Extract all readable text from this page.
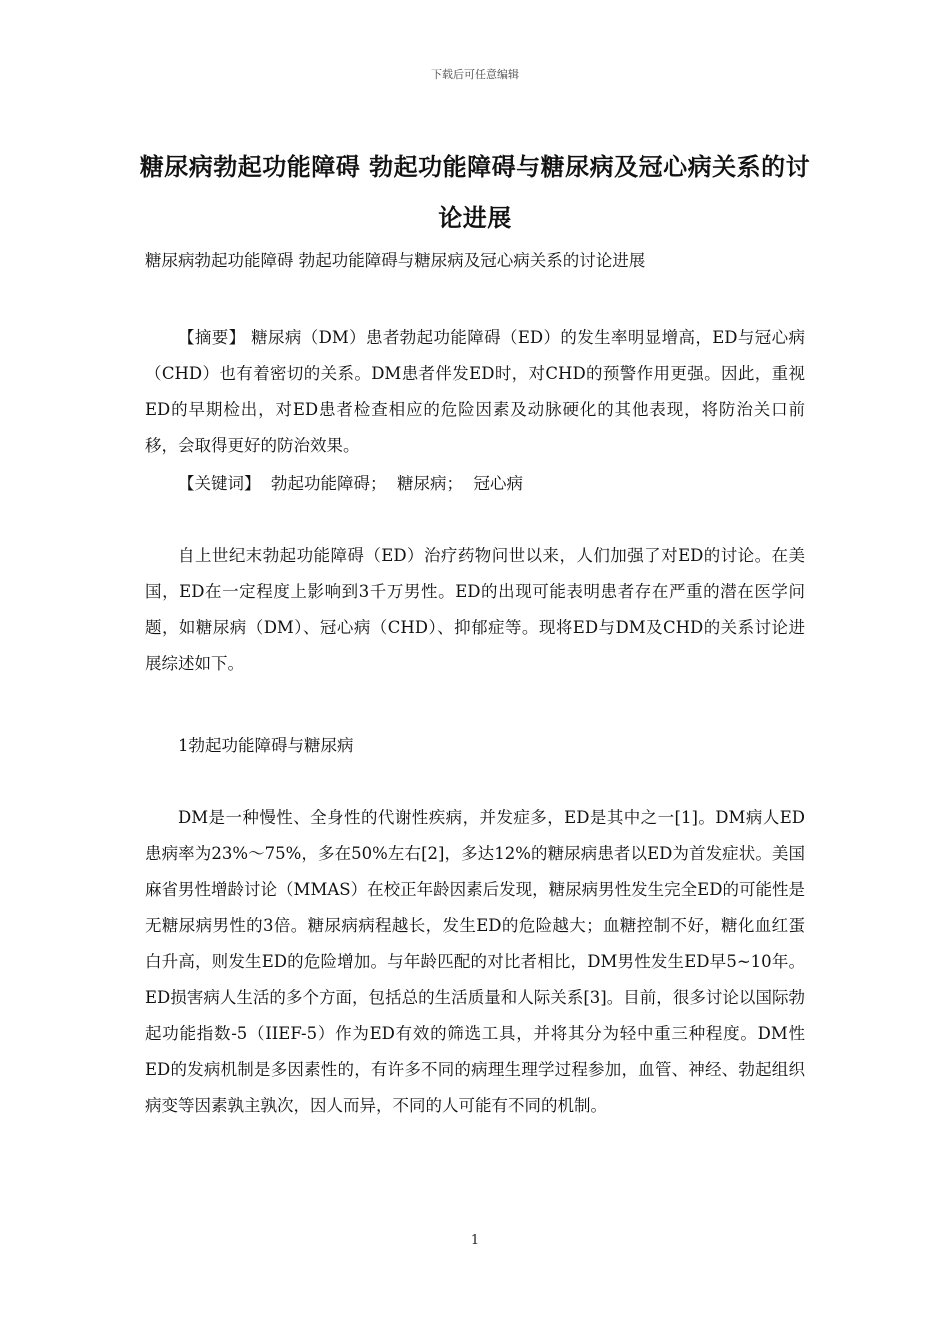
下载后可任意编辑
糖尿病勃起功能障碍 勃起功能障碍与糖尿病及冠心病关系的讨论进展
糖尿病勃起功能障碍 勃起功能障碍与糖尿病及冠心病关系的讨论进展
【摘要】 糖尿病（DM）患者勃起功能障碍（ED）的发生率明显增高，ED与冠心病（CHD）也有着密切的关系。DM患者伴发ED时，对CHD的预警作用更强。因此，重视ED的早期检出，对ED患者检查相应的危险因素及动脉硬化的其他表现，将防治关口前移，会取得更好的防治效果。
【关键词】 勃起功能障碍； 糖尿病； 冠心病
自上世纪末勃起功能障碍（ED）治疗药物问世以来，人们加强了对ED的讨论。在美国，ED在一定程度上影响到3千万男性。ED的出现可能表明患者存在严重的潜在医学问题，如糖尿病（DM）、冠心病（CHD）、抑郁症等。现将ED与DM及CHD的关系讨论进展综述如下。
1勃起功能障碍与糖尿病
DM是一种慢性、全身性的代谢性疾病，并发症多，ED是其中之一[1]。DM病人ED患病率为23%～75%，多在50%左右[2]，多达12%的糖尿病患者以ED为首发症状。美国麻省男性增龄讨论（MMAS）在校正年龄因素后发现，糖尿病男性发生完全ED的可能性是无糖尿病男性的3倍。糖尿病病程越长，发生ED的危险越大；血糖控制不好，糖化血红蛋白升高，则发生ED的危险增加。与年龄匹配的对比者相比，DM男性发生ED早5~10年。ED损害病人生活的多个方面，包括总的生活质量和人际关系[3]。目前，很多讨论以国际勃起功能指数-5（IIEF-5）作为ED有效的筛选工具，并将其分为轻中重三种程度。DM性ED的发病机制是多因素性的，有许多不同的病理生理学过程参加，血管、神经、勃起组织病变等因素孰主孰次，因人而异，不同的人可能有不同的机制。
1
